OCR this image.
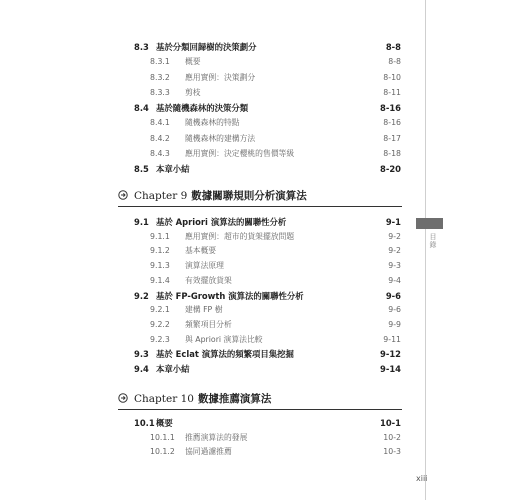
目錄
xiii
8.3 基於分類回歸樹的決策劃分	8-8
8.3.1 概要	8-8
8.3.2 應用實例：決策劃分	8-10
8.3.3 剪枝	8-11
8.4 基於隨機森林的決策分類	8-16
8.4.1 隨機森林的特點	8-16
8.4.2 隨機森林的建構方法	8-17
8.4.3 應用實例：決定櫻桃的售價等級	8-18
8.5 本章小結	8-20
Chapter 9 數據關聯規則分析演算法
9.1 基於 Apriori 演算法的關聯性分析	9-1
9.1.1 應用實例：超市的貨架擺放問題	9-2
9.1.2 基本概要	9-2
9.1.3 演算法原理	9-3
9.1.4 有效擺放貨架	9-4
9.2 基於 FP-Growth 演算法的關聯性分析	9-6
9.2.1 建構 FP 樹	9-6
9.2.2 頻繁項目分析	9-9
9.2.3 與 Apriori 演算法比較	9-11
9.3 基於 Eclat 演算法的頻繁項目集挖掘	9-12
9.4 本章小結	9-14
Chapter 10 數據推薦演算法
10.1 概要	10-1
10.1.1 推薦演算法的發展	10-2
10.1.2 協同過濾推薦	10-3
